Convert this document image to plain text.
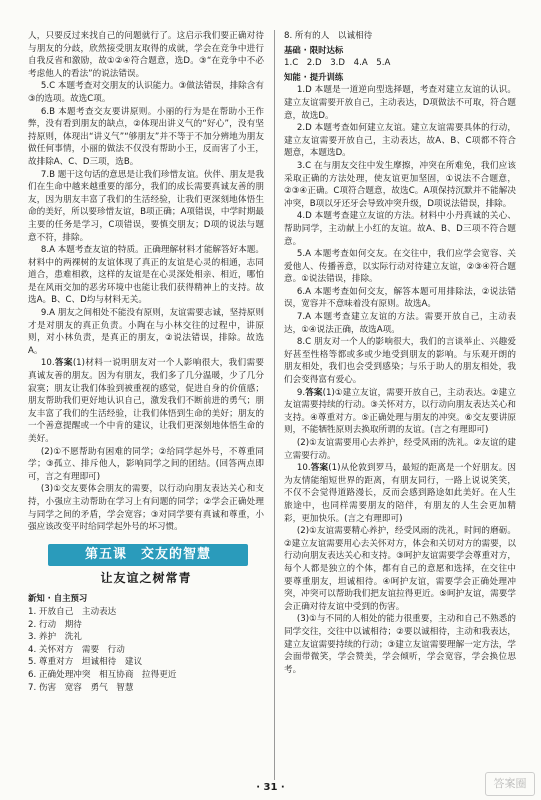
人，只要反过来找自己的问题就行了。这启示我们要正确对待与朋友的分歧，欣然接受朋友取得的成就，学会在竞争中进行自我反省和激励，故①②④符合题意，选D。③“在竞争中不必考虑他人的看法”的说法错误。

5.C 本题考查对交朋友的认识能力。③做法错误，排除含有③的选项。故选C项。

6.B 本题考查交友要讲原则。小丽的行为是在帮助小王作弊，没有看到朋友的缺点，②体现出讲义气的“好心”，没有坚持原则，体现出“讲义气”“够朋友”并不等于不加分辨地为朋友做任何事情，小丽的做法不仅没有帮助小王，反而害了小王，故排除A、C、D三项，选B。

7.B 题干这句话的意思是让我们珍惜友谊。伙伴、朋友是我们在生命中越来越重要的部分，我们的成长需要真诚友善的朋友，因为朋友丰富了我们的生活经验，让我们更深刻地体悟生命的美好，所以要珍惜友谊，B项正确；A项错误，中学时期最主要的任务是学习，C项错误，要慎交朋友；D项的说法与题意不符，排除。

8.A 本题考查友谊的特质。正确理解材料才能解答好本题。材料中的两裸树的友谊体现了真正的友谊是心灵的相通，志同道合，患难相救，这样的友谊是在心灵深处相亲、相近，哪怕是在风雨交加的恶劣环境中也能让我们获得精神上的支持。故选A。B、C、D均与材料无关。

9.A 朋友之间相处不能没有原则，友谊需要志诚，坚持原则才是对朋友的真正负责。小陶在与小林交往的过程中，讲原则，对小林负责，是真正的朋友，②说法错误，排除。故选A。

10.答案(1)材料一说明朋友对一个人影响很大，我们需要真诚友善的朋友。因为有朋友，我们多了几分温暖，少了几分寂寞；朋友让我们体验到被重视的感觉，促进自身的价值感；朋友帮助我们更好地认识自己，激发我们不断前进的勇气；朋友丰富了我们的生活经验，让我们体悟到生命的美好；朋友的一个善意提醒或一个中肯的建议，让我们更深刻地体悟生命的美好。

(2)①不愿帮助有困难的同学；②给同学起外号，不尊重同学；③孤立、排斥他人，影响同学之间的团结。(回答两点即可，言之有理即可)

(3)①交友要体会朋友的需要，以行动向朋友表达关心和支持，小强应主动帮助在学习上有问题的同学；②学会正确处理与同学之间的矛盾，学会宽容；③对同学要有真诚和尊重，小强应该改变平时给同学起外号的坏习惯。

第五课　交友的智慧
让友谊之树常青
新知 · 自主预习

1. 开放自己　主动表达

2. 行动　期待

3. 养护　洗礼

4. 关怀对方　需要　行动

5. 尊重对方　坦诚相待　建议

6. 正确处理冲突　相互协商　拉得更近

7. 伤害　宽容　勇气　智慧

8. 所有的人　以诚相待

基础 · 限时达标

1.C　2.D　3.D　4.A　5.A

知能 · 提升训练

1.D 本题是一道逆向型选择题，考查对建立友谊的认识。建立友谊需要开放自己，主动表达，D项做法不可取，符合题意，故选D。

2.D 本题考查如何建立友谊。建立友谊需要具体的行动，建立友谊需要开放自己，主动表达，故A、B、C项都不符合题意，本题选D。

3.C 在与朋友交往中发生摩擦，冲突在所难免，我们应该采取正确的方法处理，使友谊更加坚固，①说法不合题意，②③④正确。C项符合题意，故选C。A项保持沉默并不能解决冲突，B项以牙还牙会导致冲突升级，D项说法错误，排除。

4.D 本题考查建立友谊的方法。材料中小丹真诚的关心、帮助同学，主动献上小红的友谊。故A、B、D三项不符合题意。

5.A 本题考查如何交友。在交往中，我们应学会宽容、关爱他人、传播善意，以实际行动对待建立友谊，②③④符合题意。①说法错误，排除。

6.A 本题考查如何交友，解答本题可用排除法，②说法错误，宽容并不意味着没有原则。故选A。

7.A 本题考查建立友谊的方法。需要开放自己，主动表达，①④说法正确，故选A项。

8.C 朋友对一个人的影响很大，我们的言谈举止、兴趣爱好甚至性格等都或多或少地受到朋友的影响。与乐观开朗的朋友相处，我们也会受到感染；与乐于助人的朋友相处，我们会变得富有爱心。

9.答案(1)①建立友谊，需要开放自己，主动表达。②建立友谊需要持续的行动。③关怀对方，以行动向朋友表达关心和支持。④尊重对方。⑤正确处理与朋友的冲突。⑥交友要讲原则，不能牺牲原则去换取所谓的友谊。(言之有理即可)

(2)①友谊需要用心去养护，经受风雨的洗礼。②友谊的建立需要行动。

10.答案(1)从伦敦到罗马，最短的距离是一个好朋友。因为友情能缩短世界的距离，有朋友同行，一路上说说笑笑，不仅不会觉得道路漫长，反而会感到路途如此美好。在人生旅途中，也同样需要朋友的陪伴，有朋友的人生会更加精彩，更加快乐。(言之有理即可)

(2)①友谊需要精心养护，经受风雨的洗礼，时间的磨砺。②建立友谊需要用心去关怀对方，体会和关切对方的需要，以行动向朋友表达关心和支持。③呵护友谊需要学会尊重对方，每个人都是独立的个体，都有自己的意愿和选择，在交往中要尊重朋友，坦诚相待。④呵护友谊，需要学会正确处理冲突，冲突可以帮助我们把友谊拉得更近。⑤呵护友谊，需要学会正确对待友谊中受到的伤害。

(3)①与不同的人相处的能力很重要，主动和自己不熟悉的同学交往，交往中以诚相待；②要以诚相待，主动和我表达，建立友谊需要持续的行动；③建立友谊需要理解一定方法，学会面带微笑，学会赞美，学会倾听，学会宽容，学会换位思考。

· 31 ·	答案圈
